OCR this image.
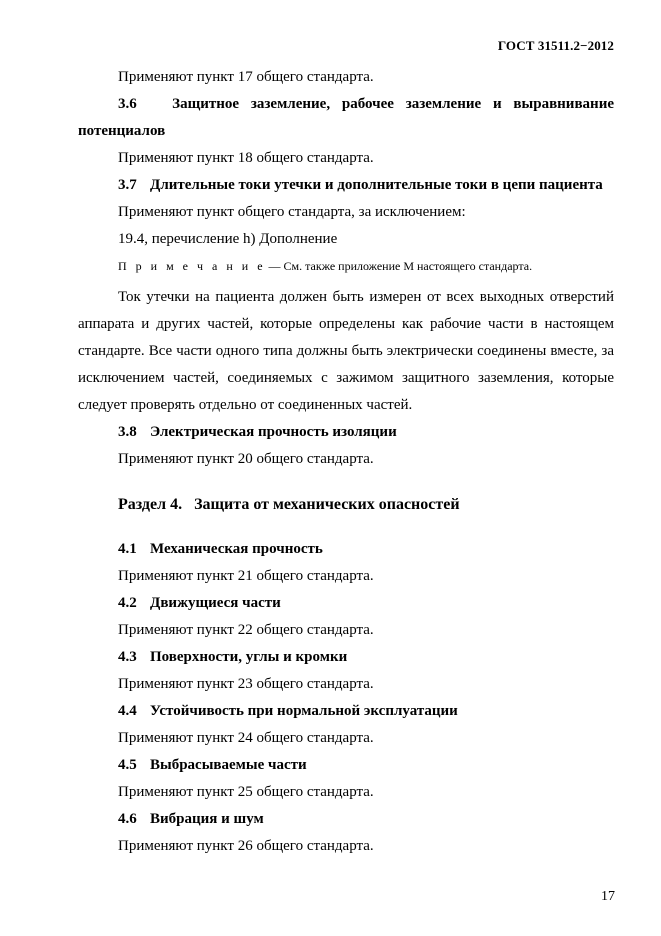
ГОСТ 31511.2−2012

Применяют пункт 17 общего стандарта.

3.6 Защитное заземление, рабочее заземление и выравнивание

потенциалов

Применяют пункт 18 общего стандарта.

3.7 Длительные токи утечки и дополнительные токи в цепи пациента

Применяют пункт общего стандарта, за исключением:

19.4, перечисление h) Дополнение

П р и м е ч а н и е — См. также приложение М настоящего стандарта.

Ток утечки на пациента должен быть измерен от всех выходных отверстий аппарата и других частей, которые определены как рабочие части в настоящем стандарте. Все части одного типа должны быть электрически соединены вместе, за исключением частей, соединяемых с зажимом защитного заземления, которые следует проверять отдельно от соединенных частей.

3.8 Электрическая прочность изоляции

Применяют пункт 20 общего стандарта.

Раздел 4.   Защита от механических опасностей

4.1 Механическая прочность

Применяют пункт 21 общего стандарта.

4.2 Движущиеся части

Применяют пункт 22 общего стандарта.

4.3 Поверхности, углы и кромки

Применяют пункт 23 общего стандарта.

4.4 Устойчивость при нормальной эксплуатации

Применяют пункт 24 общего стандарта.

4.5 Выбрасываемые части

Применяют пункт 25 общего стандарта.

4.6 Вибрация и шум

Применяют пункт 26 общего стандарта.

17
